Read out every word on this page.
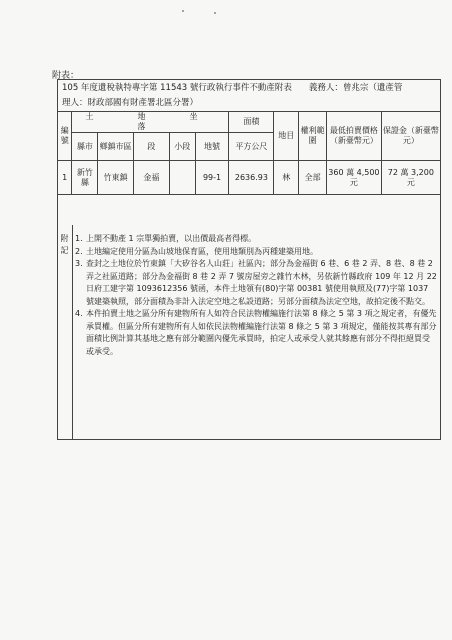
附表：
105 年度遺稅執特專字第 11543 號行政執行事件不動產附表　　義務人：曾兆宗（遺產管
理人：財政部國有財產署北區分署）
編號	土　地　坐　落					面積	地目	權利範圍	最低拍賣價格（新臺幣元）	保證金（新臺幣元）
	縣市	鄉鎮市區	段	小段	地號	平方公尺				

1	新竹縣	竹東鎮	金福		99-1	2636.93	林	全部	360 萬 4,500 元	72 萬 3,200 元
附記
1. 上開不動產 1 宗單獨拍賣，以出價最高者得標。
2. 土地編定使用分區為山坡地保育區，使用地類別為丙種建築用地。
3. 查封之土地位於竹東鎮「大矽谷名人山莊」社區內；部分為金福街 6 巷、6 巷 2 弄、8 巷、8 巷 2 弄之社區道路；部分為金福街 8 巷 2 弄 7 號房屋旁之雜竹木林，另依新竹縣政府 109 年 12 月 22 日府工建字第 1093612356 號函，本件土地領有(80)字第 00381 號使用執照及(77)字第 1037 號建築執照，部分面積為非計入法定空地之私設道路；另部分面積為法定空地，故拍定後不點交。
4. 本件拍賣土地之區分所有建物所有人如符合民法物權編施行法第 8 條之 5 第 3 項之規定者，有優先承買權。但區分所有建物所有人如依民法物權編施行法第 8 條之 5 第 3 項規定，僅能按其專有部分面積比例計算其基地之應有部分範圍內優先承買時，拍定人或承受人就其餘應有部分不得拒絕買受或承受。
